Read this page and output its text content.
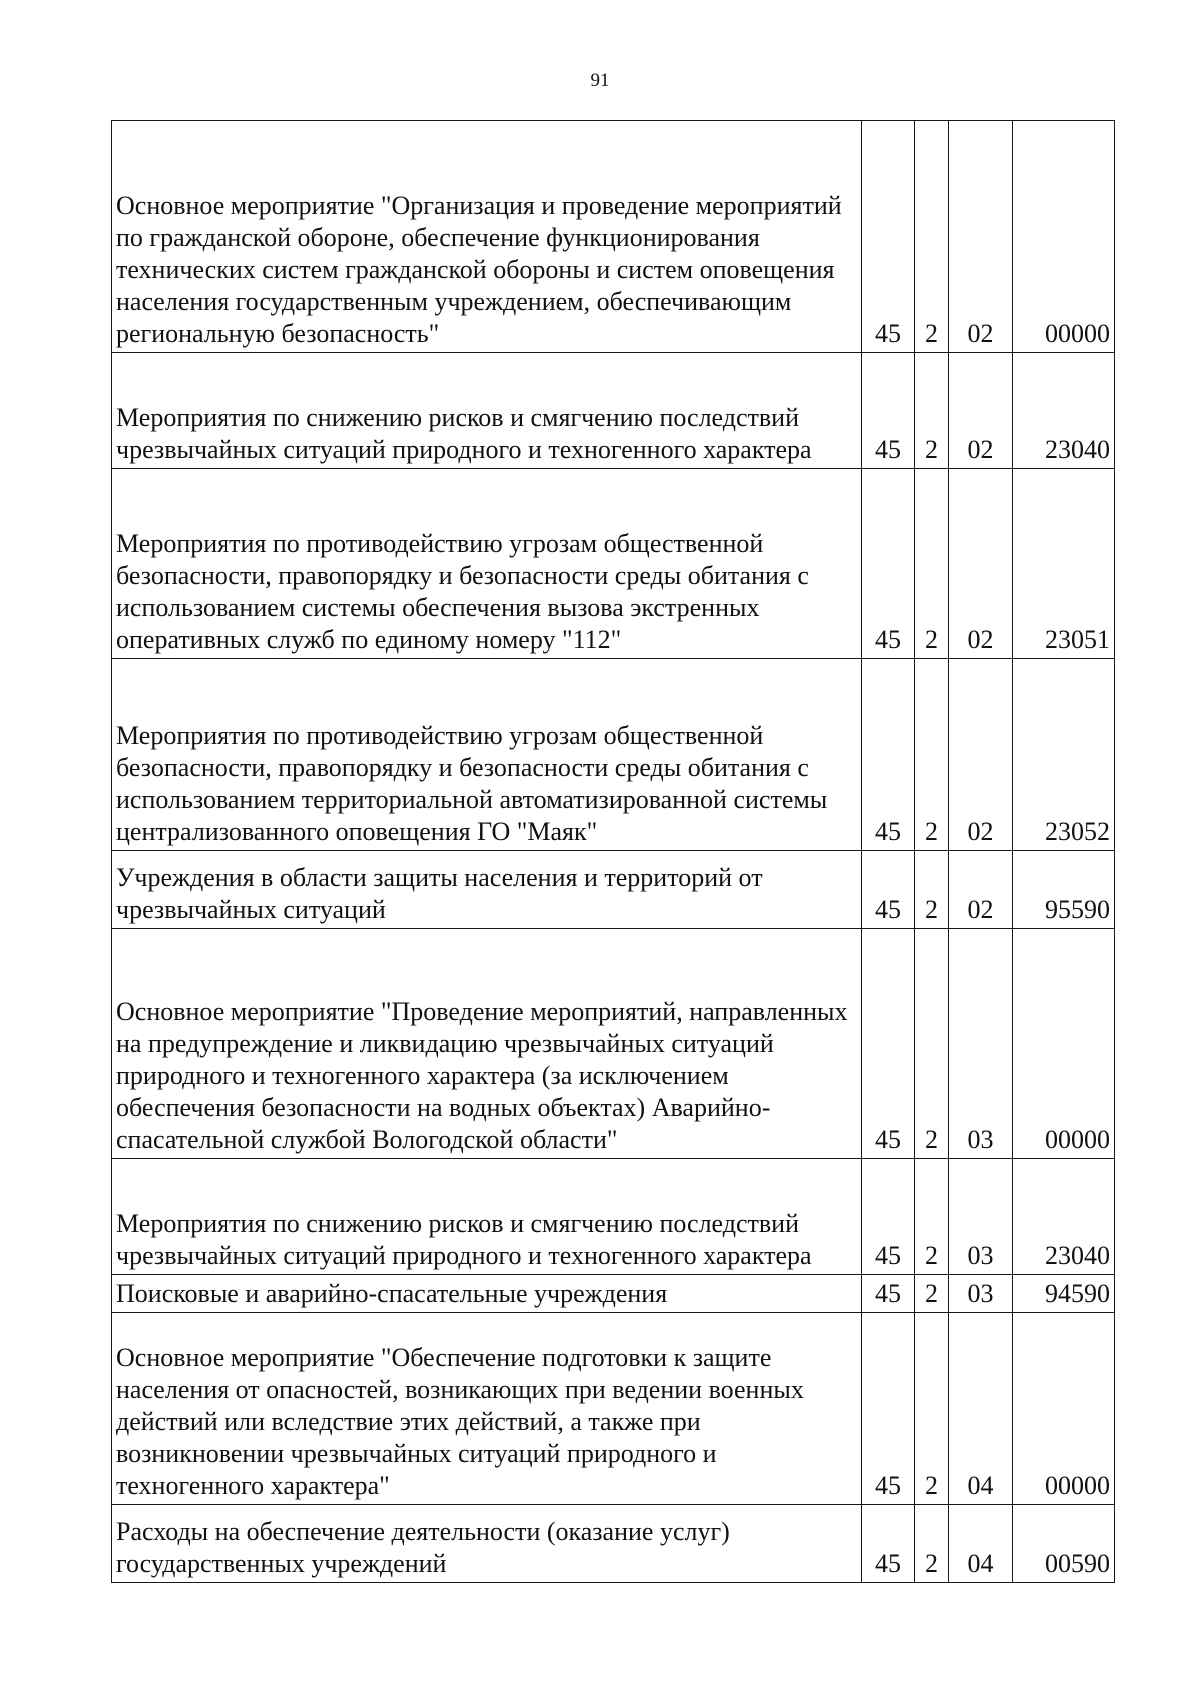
91
Основное мероприятие "Организация и проведение мероприятий по гражданской обороне, обеспечение функционирования технических систем гражданской обороны и систем оповещения населения государственным учреждением, обеспечивающим региональную безопасность"	45	2	02	00000
Мероприятия по снижению рисков и смягчению последствий чрезвычайных ситуаций природного и техногенного характера	45	2	02	23040
Мероприятия по противодействию угрозам общественной безопасности, правопорядку и безопасности среды обитания с использованием системы обеспечения вызова экстренных оперативных служб по единому номеру "112"	45	2	02	23051
Мероприятия по противодействию угрозам общественной безопасности, правопорядку и безопасности среды обитания с использованием территориальной автоматизированной системы централизованного оповещения ГО "Маяк"	45	2	02	23052
Учреждения в области защиты населения и территорий от чрезвычайных ситуаций	45	2	02	95590
Основное мероприятие "Проведение мероприятий, направленных на предупреждение и ликвидацию чрезвычайных ситуаций природного и техногенного характера (за исключением обеспечения безопасности на водных объектах) Аварийно-спасательной службой Вологодской области"	45	2	03	00000
Мероприятия по снижению рисков и смягчению последствий чрезвычайных ситуаций природного и техногенного характера	45	2	03	23040
Поисковые и аварийно-спасательные учреждения	45	2	03	94590
Основное мероприятие "Обеспечение подготовки к защите населения от опасностей, возникающих при ведении военных действий или вследствие этих действий, а также при возникновении чрезвычайных ситуаций природного и техногенного характера"	45	2	04	00000
Расходы на обеспечение деятельности (оказание услуг) государственных учреждений	45	2	04	00590
